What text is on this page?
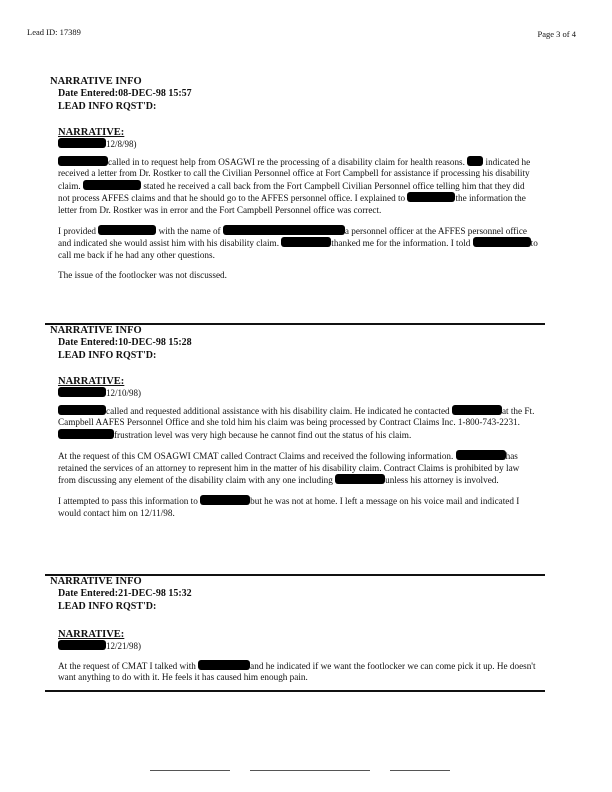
Lead ID: 17389	Page 3 of 4
NARRATIVE INFO
Date Entered:08-DEC-98 15:57
LEAD INFO RQST'D:
NARRATIVE:
12/8/98)
called in to request help from OSAGWI re the processing of a disability claim for health reasons. indicated he received a letter from Dr. Rostker to call the Civilian Personnel office at Fort Campbell for assistance if processing his disability claim.	stated he received a call back from the Fort Campbell Civilian Personnel office telling him that they did not process AFFES claims and that he should go to the AFFES personnel office. I explained to	the information the letter from Dr. Rostker was in error and the Fort Campbell Personnel office was correct.
I provided	with the name of	a personnel officer at the AFFES personnel office and indicated she would assist him with his disability claim.	thanked me for the information. I told	to call me back if he had any other questions.
The issue of the footlocker was not discussed.
NARRATIVE INFO
Date Entered:10-DEC-98 15:28
LEAD INFO RQST'D:
NARRATIVE:
12/10/98)
called and requested additional assistance with his disability claim. He indicated he contacted	at the Ft. Campbell AAFES Personnel Office and she told him his claim was being processed by Contract Claims Inc. 1-800-743-2231. frustration level was very high because he cannot find out the status of his claim.
At the request of this CM OSAGWI CMAT called Contract Claims and received the following information.	has retained the services of an attorney to represent him in the matter of his disability claim. Contract Claims is prohibited by law from discussing any element of the disability claim with any one including	unless his attorney is involved.
I attempted to pass this information to	but he was not at home. I left a message on his voice mail and indicated I would contact him on 12/11/98.
NARRATIVE INFO
Date Entered:21-DEC-98 15:32
LEAD INFO RQST'D:
NARRATIVE:
12/21/98)
At the request of CMAT I talked with	and he indicated if we want the footlocker we can come pick it up. He doesn't want anything to do with it. He feels it has caused him enough pain.
